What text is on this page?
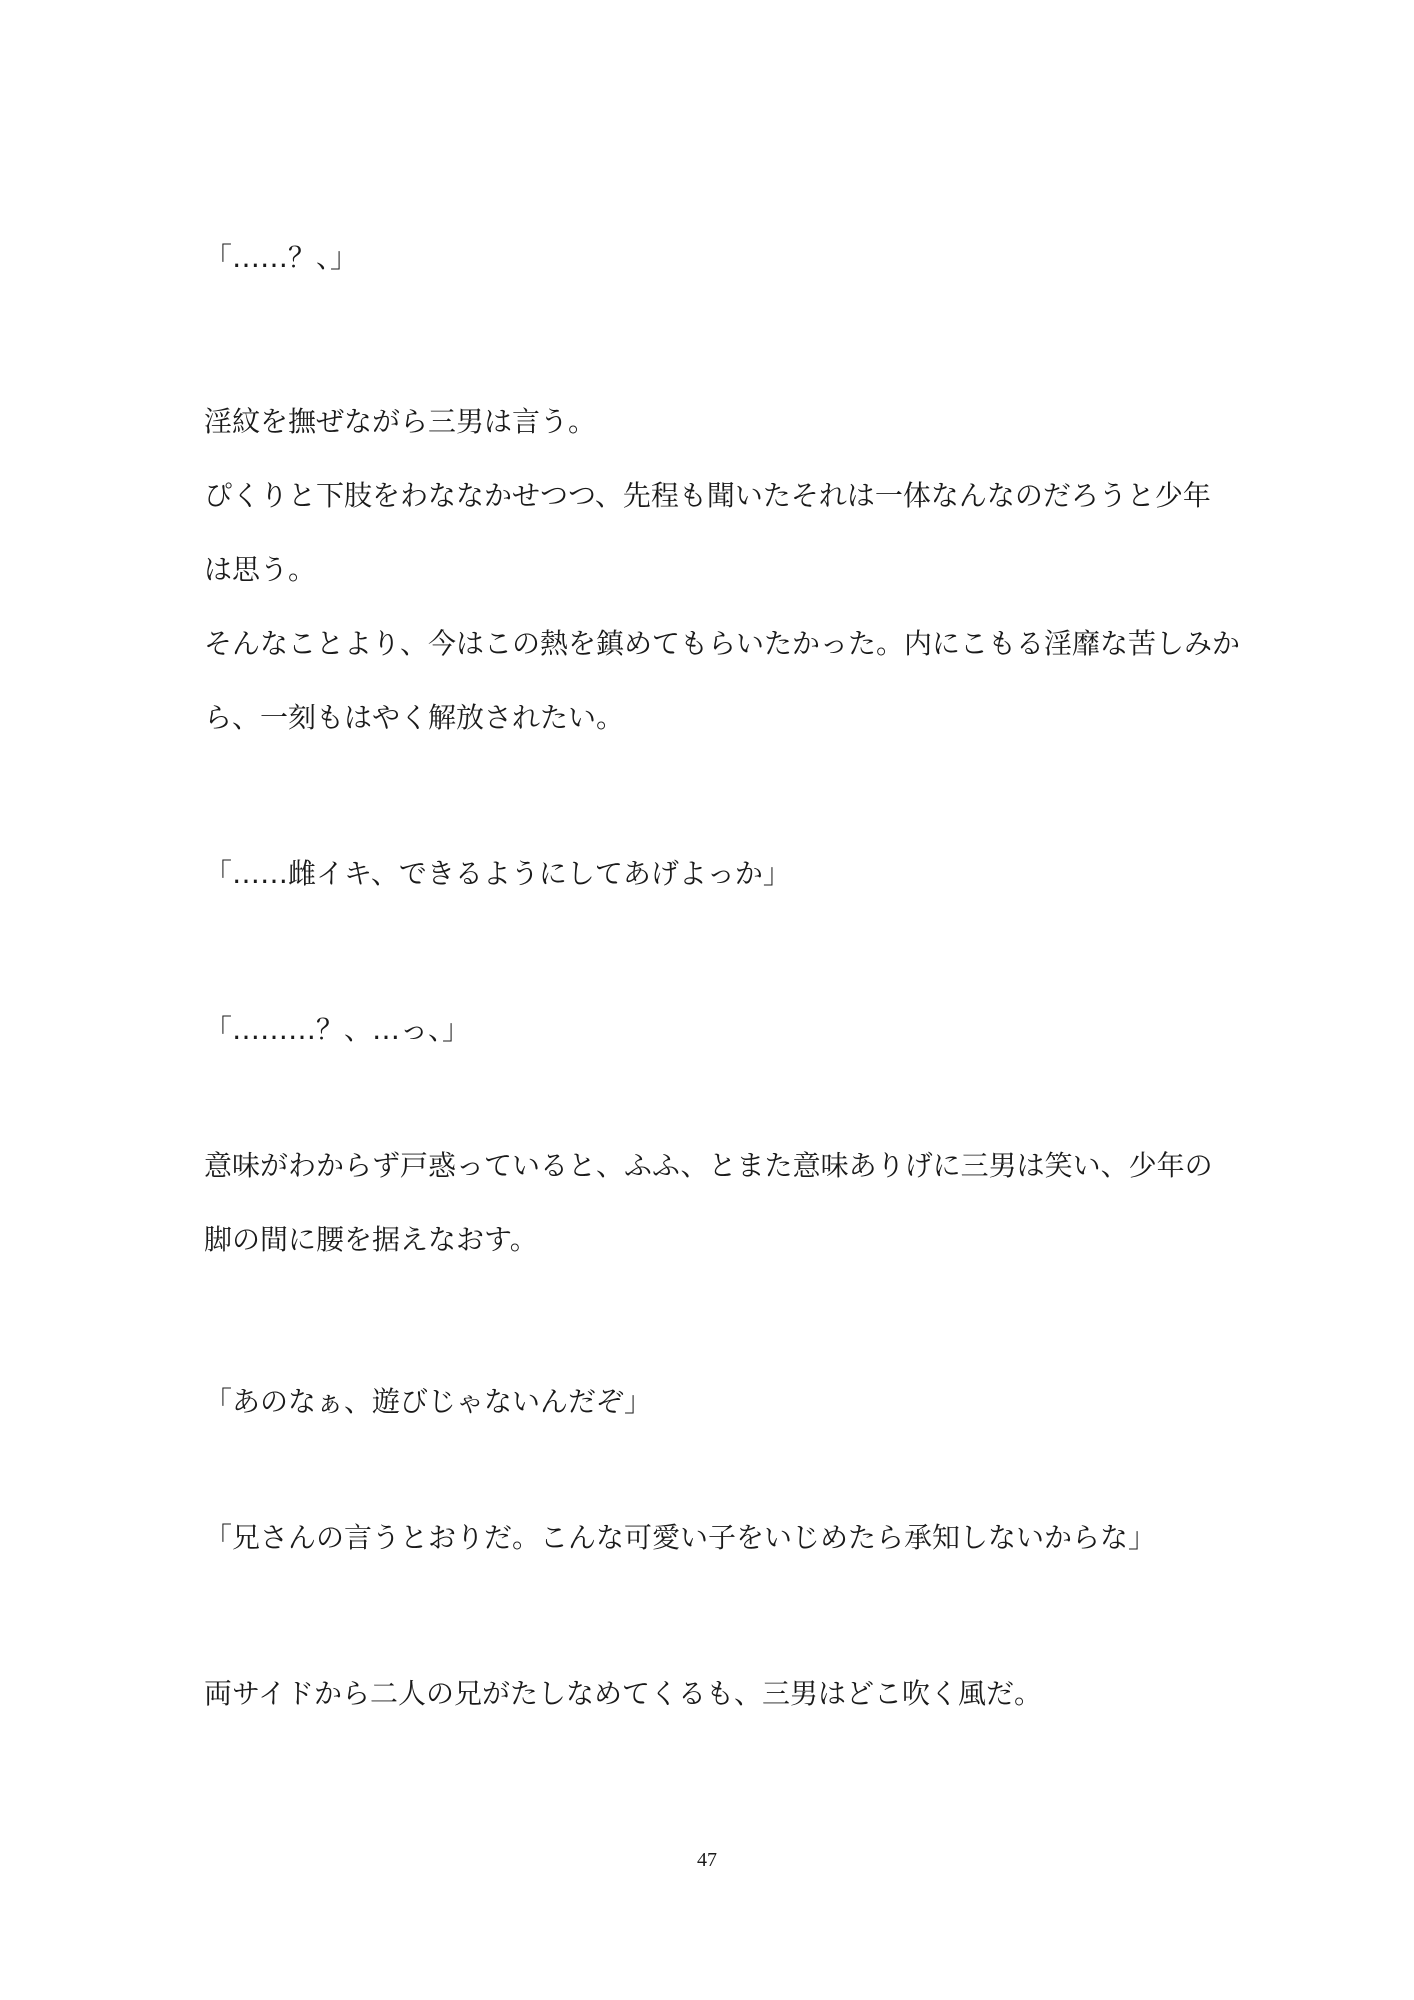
「……？、」
淫紋を撫ぜながら三男は言う。
ぴくりと下肢をわななかせつつ、先程も聞いたそれは一体なんなのだろうと少年
は思う。
そんなことより、今はこの熱を鎮めてもらいたかった。内にこもる淫靡な苦しみか
ら、一刻もはやく解放されたい。
「……雌イキ、できるようにしてあげよっか」
「………？、…っ、」
意味がわからず戸惑っていると、ふふ、とまた意味ありげに三男は笑い、少年の
脚の間に腰を据えなおす。
「あのなぁ、遊びじゃないんだぞ」
「兄さんの言うとおりだ。こんな可愛い子をいじめたら承知しないからな」
両サイドから二人の兄がたしなめてくるも、三男はどこ吹く風だ。
47
